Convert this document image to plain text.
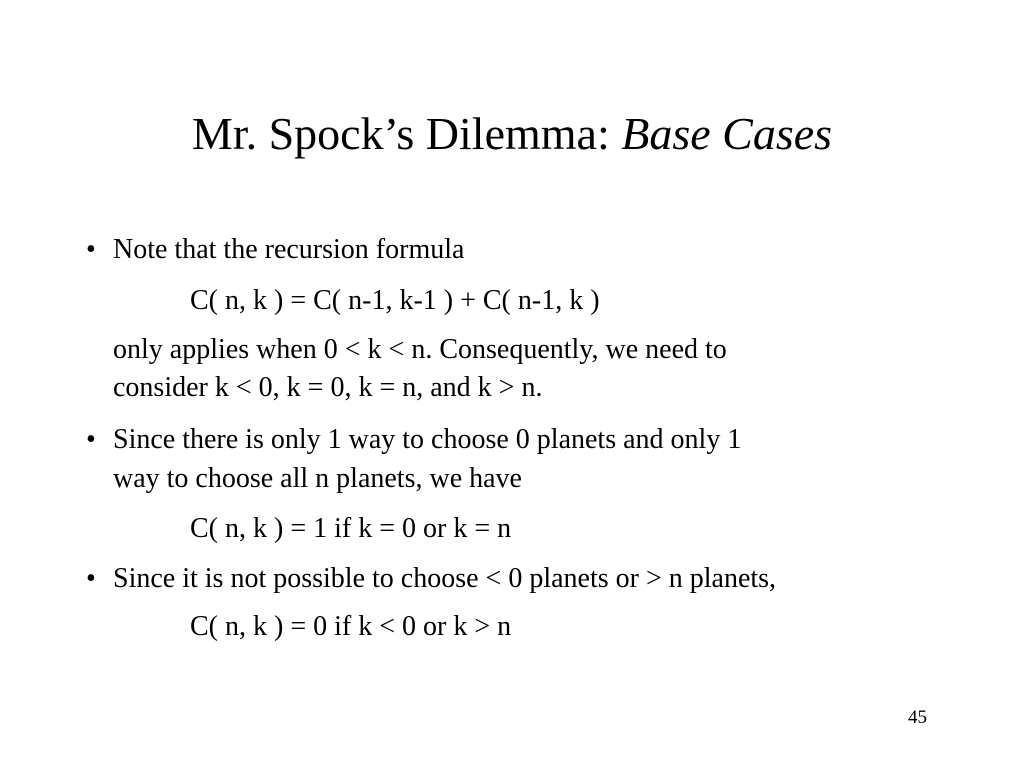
Mr. Spock’s Dilemma: Base Cases
• Note that the recursion formula
C( n, k ) = C( n-1, k-1 ) + C( n-1, k )
only applies when 0 < k < n. Consequently, we need to
consider k < 0, k = 0, k = n, and k > n.
• Since there is only 1 way to choose 0 planets and only 1
way to choose all n planets, we have
C( n, k ) = 1 if k = 0 or k = n
• Since it is not possible to choose < 0 planets or > n planets,
C( n, k ) = 0 if k < 0 or k > n
45
